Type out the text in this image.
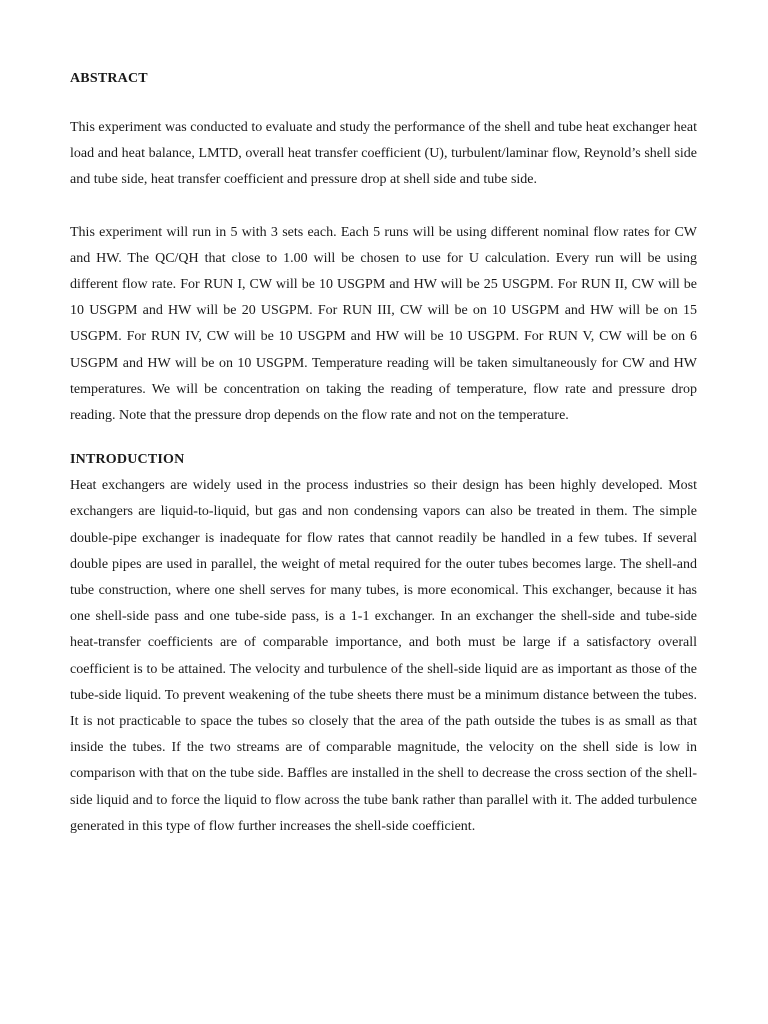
ABSTRACT

This experiment was conducted to evaluate and study the performance of the shell and tube heat exchanger heat load and heat balance, LMTD, overall heat transfer coefficient (U), turbulent/laminar flow, Reynold’s shell side and tube side, heat transfer coefficient and pressure drop at shell side and tube side.

This experiment will run in 5 with 3 sets each. Each 5 runs will be using different nominal flow rates for CW and HW. The QC/QH that close to 1.00 will be chosen to use for U calculation. Every run will be using different flow rate. For RUN I, CW will be 10 USGPM and HW will be 25 USGPM. For RUN II, CW will be 10 USGPM and HW will be 20 USGPM. For RUN III, CW will be on 10 USGPM and HW will be on 15 USGPM. For RUN IV, CW will be 10 USGPM and HW will be 10 USGPM. For RUN V, CW will be on 6 USGPM and HW will be on 10 USGPM. Temperature reading will be taken simultaneously for CW and HW temperatures. We will be concentration on taking the reading of temperature, flow rate and pressure drop reading. Note that the pressure drop depends on the flow rate and not on the temperature.

INTRODUCTION

Heat exchangers are widely used in the process industries so their design has been highly developed. Most exchangers are liquid-to-liquid, but gas and non condensing vapors can also be treated in them. The simple double-pipe exchanger is inadequate for flow rates that cannot readily be handled in a few tubes. If several double pipes are used in parallel, the weight of metal required for the outer tubes becomes large. The shell-and tube construction, where one shell serves for many tubes, is more economical. This exchanger, because it has one shell-side pass and one tube-side pass, is a 1-1 exchanger. In an exchanger the shell-side and tube-side heat-transfer coefficients are of comparable importance, and both must be large if a satisfactory overall coefficient is to be attained. The velocity and turbulence of the shell-side liquid are as important as those of the tube-side liquid. To prevent weakening of the tube sheets there must be a minimum distance between the tubes. It is not practicable to space the tubes so closely that the area of the path outside the tubes is as small as that inside the tubes. If the two streams are of comparable magnitude, the velocity on the shell side is low in comparison with that on the tube side. Baffles are installed in the shell to decrease the cross section of the shell-side liquid and to force the liquid to flow across the tube bank rather than parallel with it. The added turbulence generated in this type of flow further increases the shell-side coefficient.
